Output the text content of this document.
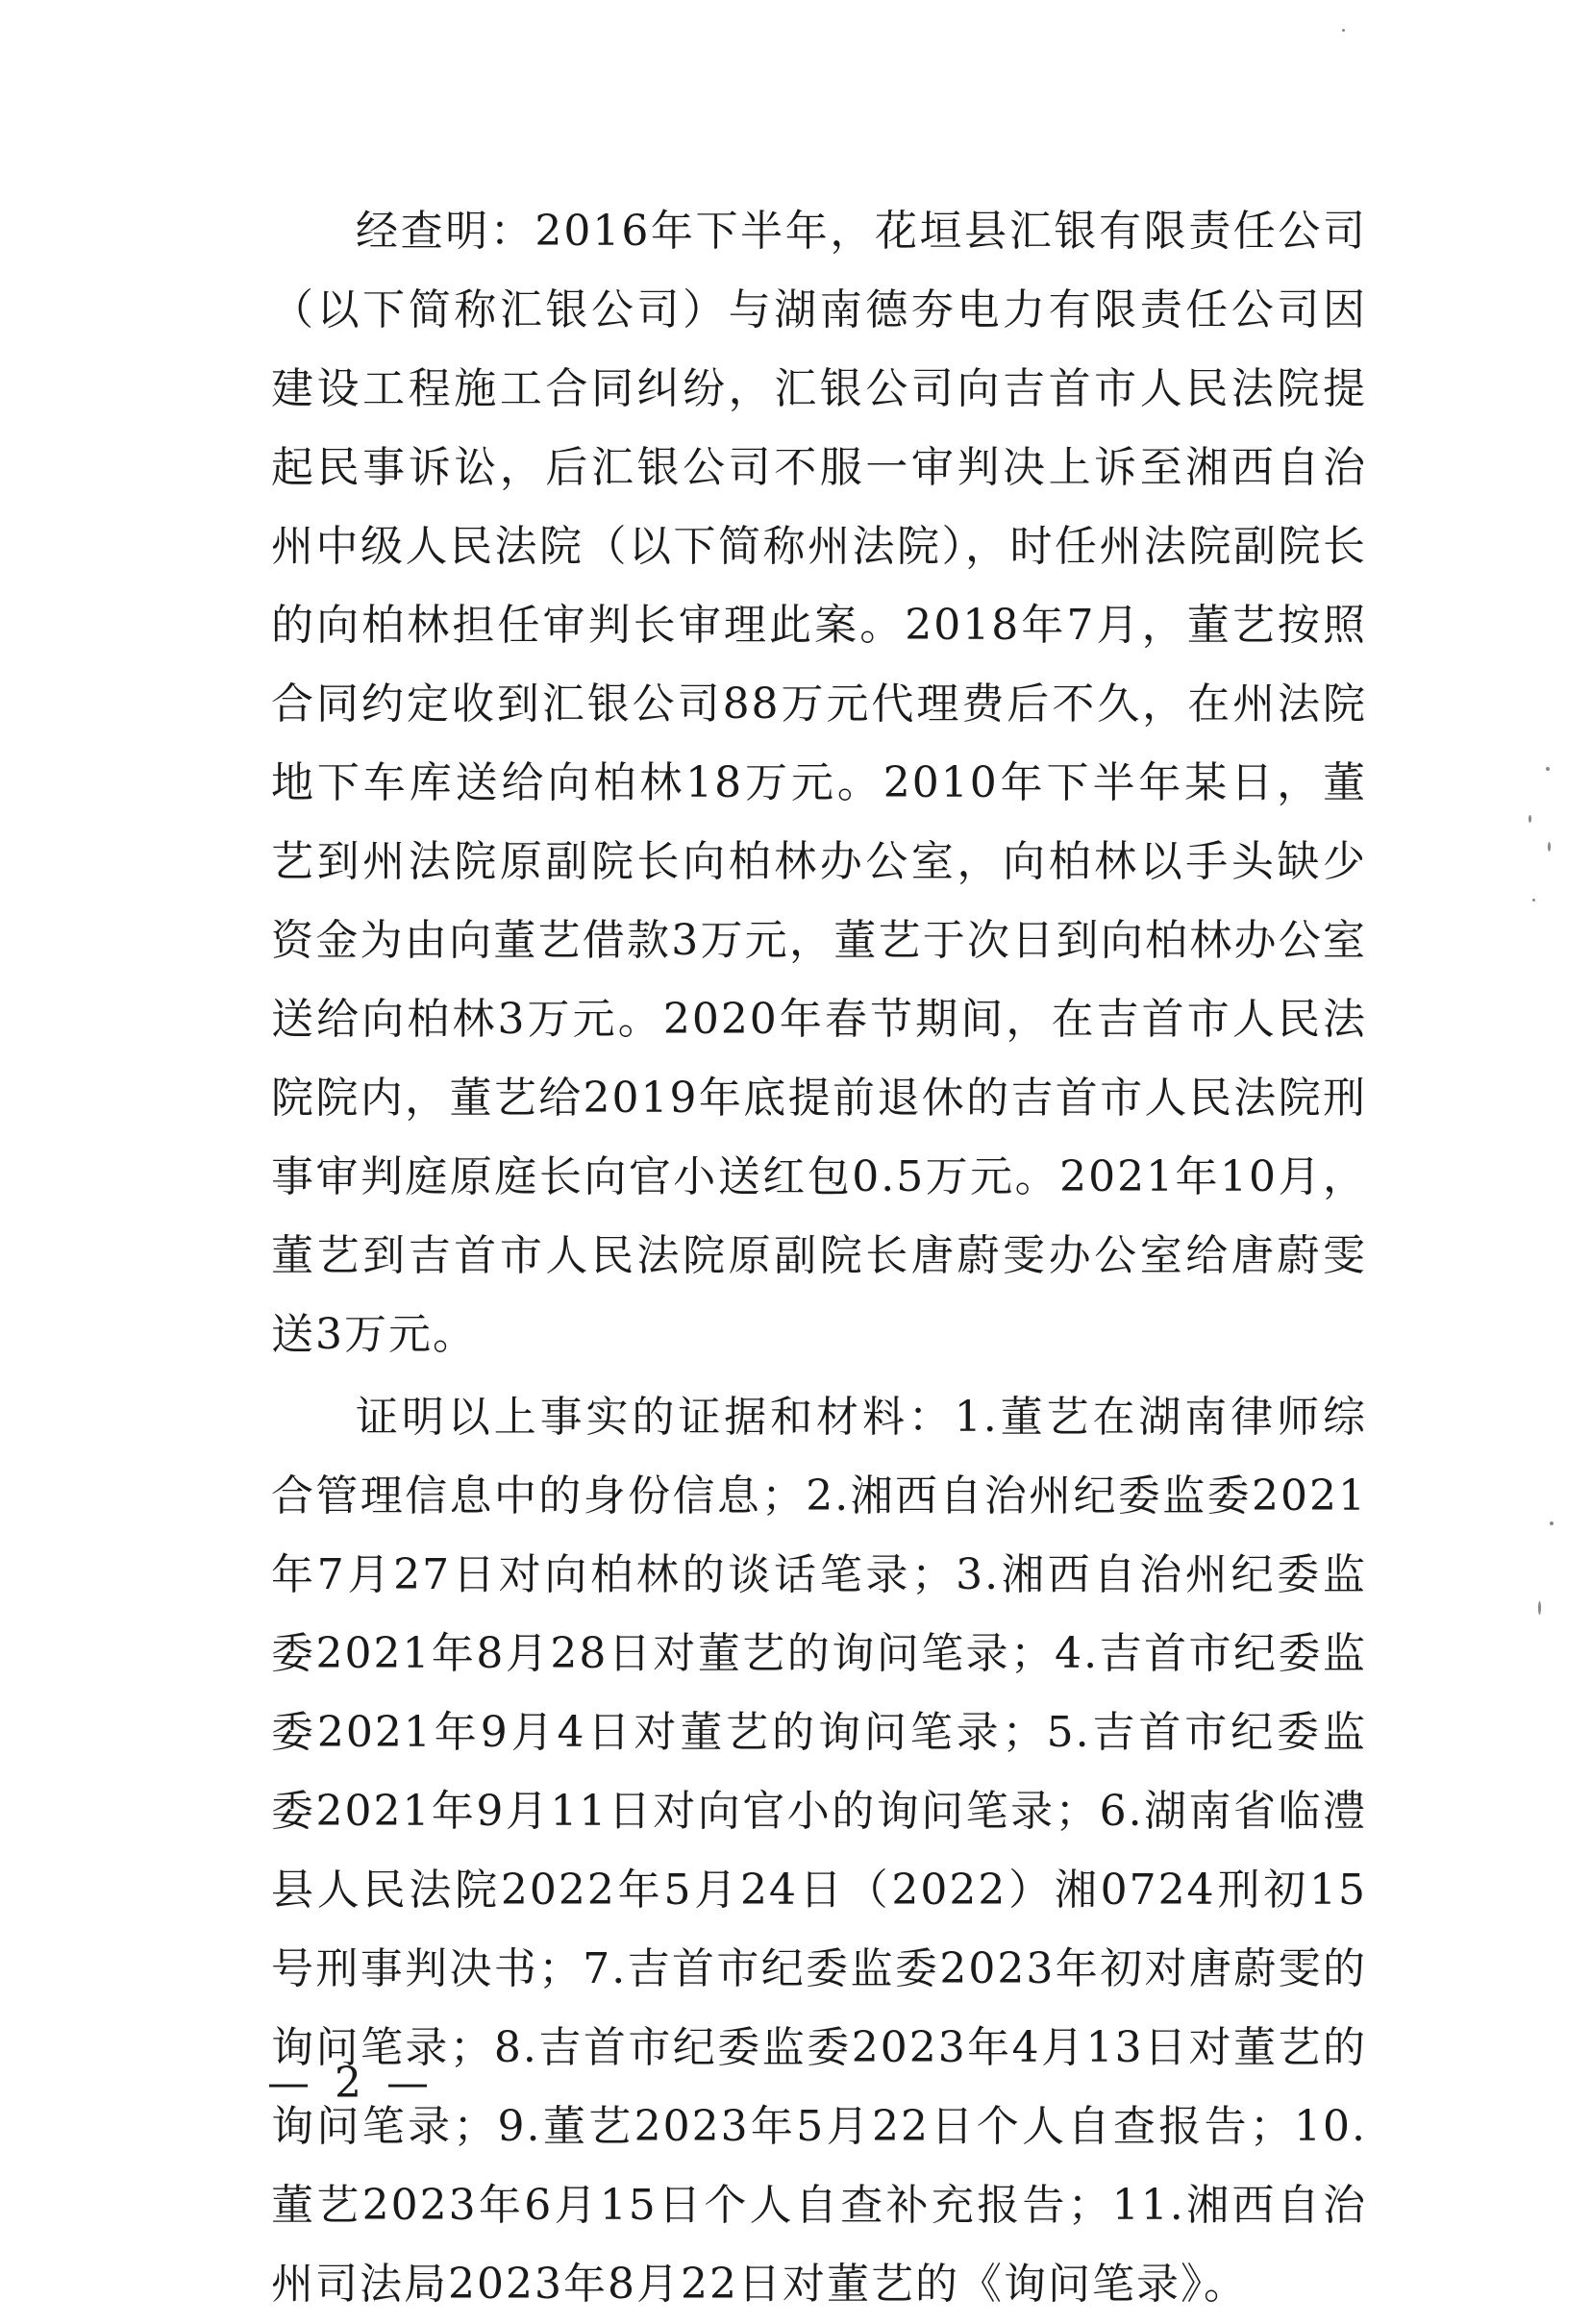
经查明：2016年下半年，花垣县汇银有限责任公司（以下简称汇银公司）与湖南德夯电力有限责任公司因建设工程施工合同纠纷，汇银公司向吉首市人民法院提起民事诉讼，后汇银公司不服一审判决上诉至湘西自治州中级人民法院（以下简称州法院），时任州法院副院长的向柏林担任审判长审理此案。2018年7月，董艺按照合同约定收到汇银公司88万元代理费后不久，在州法院地下车库送给向柏林18万元。2010年下半年某日，董艺到州法院原副院长向柏林办公室，向柏林以手头缺少资金为由向董艺借款3万元，董艺于次日到向柏林办公室送给向柏林3万元。2020年春节期间，在吉首市人民法院院内，董艺给2019年底提前退休的吉首市人民法院刑事审判庭原庭长向官小送红包0.5万元。2021年10月，董艺到吉首市人民法院原副院长唐蔚雯办公室给唐蔚雯送3万元。

证明以上事实的证据和材料：1.董艺在湖南律师综合管理信息中的身份信息；2.湘西自治州纪委监委2021年7月27日对向柏林的谈话笔录；3.湘西自治州纪委监委2021年8月28日对董艺的询问笔录；4.吉首市纪委监委2021年9月4日对董艺的询问笔录；5.吉首市纪委监委2021年9月11日对向官小的询问笔录；6.湖南省临澧县人民法院2022年5月24日（2022）湘0724刑初15号刑事判决书；7.吉首市纪委监委2023年初对唐蔚雯的询问笔录；8.吉首市纪委监委2023年4月13日对董艺的询问笔录；9.董艺2023年5月22日个人自查报告；10.董艺2023年6月15日个人自查补充报告；11.湘西自治州司法局2023年8月22日对董艺的《询问笔录》。

— 2 —
